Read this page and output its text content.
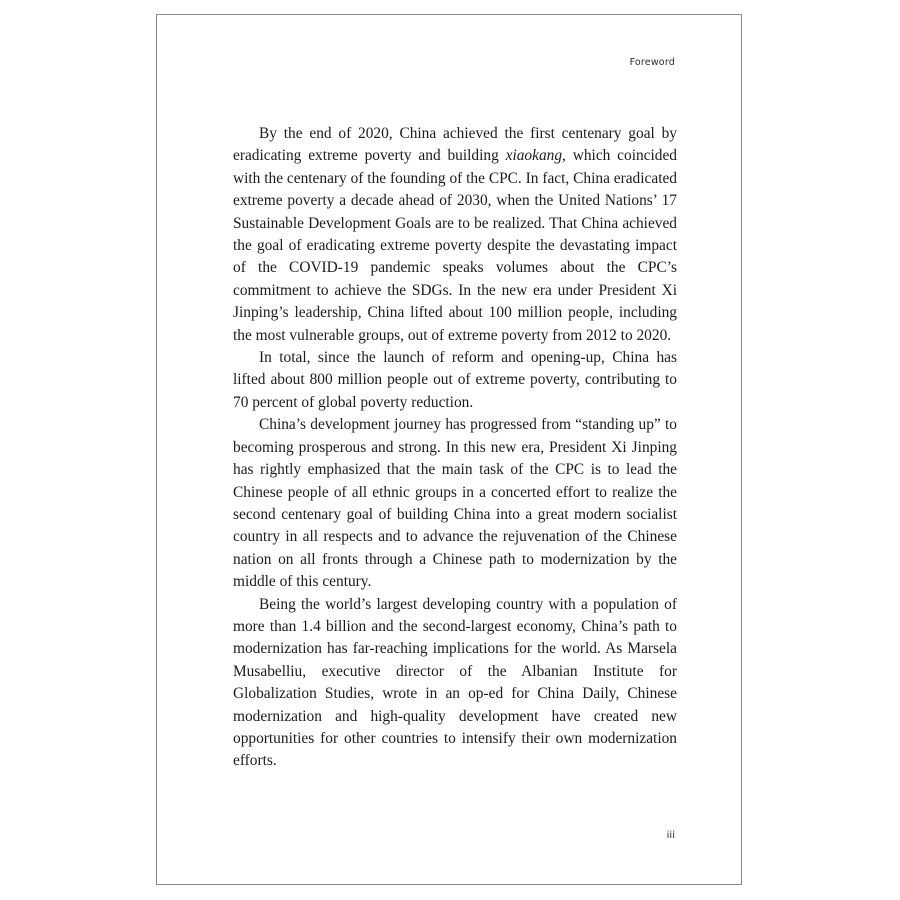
Foreword

By the end of 2020, China achieved the first centenary goal by eradicating extreme poverty and building xiaokang, which coincided with the centenary of the founding of the CPC. In fact, China eradicated extreme poverty a decade ahead of 2030, when the United Nations’ 17 Sustainable Development Goals are to be realized. That China achieved the goal of eradicating extreme poverty despite the devastating impact of the COVID-19 pandemic speaks volumes about the CPC’s commitment to achieve the SDGs. In the new era under President Xi Jinping’s leadership, China lifted about 100 million people, including the most vulnerable groups, out of extreme poverty from 2012 to 2020.

In total, since the launch of reform and opening-up, China has lifted about 800 million people out of extreme poverty, contributing to 70 percent of global poverty reduction.

China’s development journey has progressed from “standing up” to becoming prosperous and strong. In this new era, President Xi Jinping has rightly emphasized that the main task of the CPC is to lead the Chinese people of all ethnic groups in a concerted effort to realize the second centenary goal of building China into a great modern socialist country in all respects and to advance the rejuvenation of the Chinese nation on all fronts through a Chinese path to modernization by the middle of this century.

Being the world’s largest developing country with a population of more than 1.4 billion and the second-largest economy, China’s path to modernization has far-reaching implications for the world. As Marsela Musabelliu, executive director of the Albanian Institute for Globalization Studies, wrote in an op-ed for China Daily, Chinese modernization and high-quality development have created new opportunities for other countries to intensify their own modernization efforts.

iii
